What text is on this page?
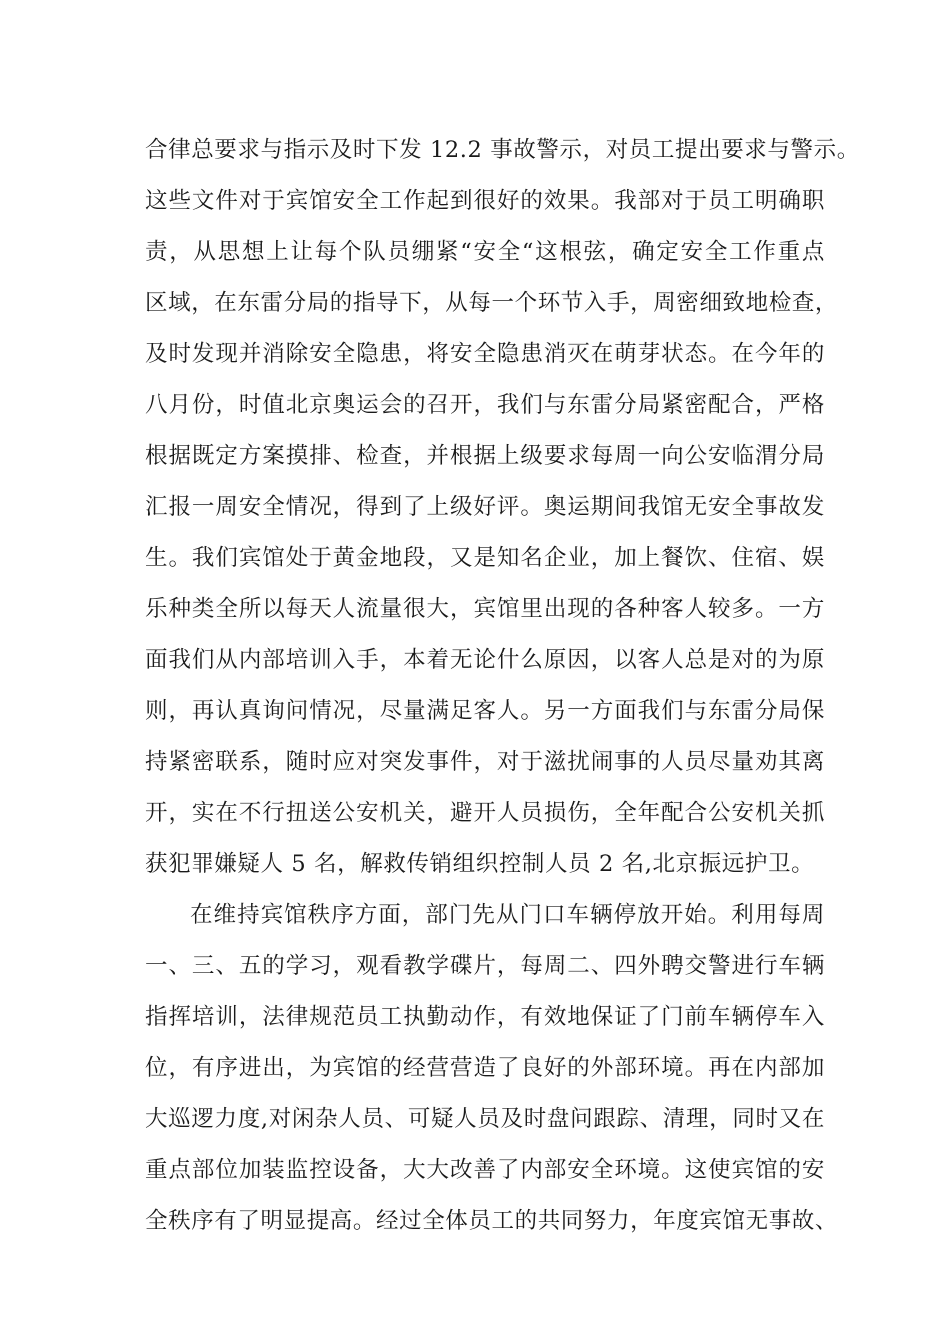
合律总要求与指示及时下发 12.2 事故警示，对员工提出要求与警示。
这些文件对于宾馆安全工作起到很好的效果。我部对于员工明确职
责，从思想上让每个队员绷紧“安全“这根弦，确定安全工作重点
区域，在东雷分局的指导下，从每一个环节入手，周密细致地检查，
及时发现并消除安全隐患，将安全隐患消灭在萌芽状态。在今年的
八月份，时值北京奥运会的召开，我们与东雷分局紧密配合，严格
根据既定方案摸排、检查，并根据上级要求每周一向公安临渭分局
汇报一周安全情况，得到了上级好评。奥运期间我馆无安全事故发
生。我们宾馆处于黄金地段，又是知名企业，加上餐饮、住宿、娱
乐种类全所以每天人流量很大，宾馆里出现的各种客人较多。一方
面我们从内部培训入手，本着无论什么原因，以客人总是对的为原
则，再认真询问情况，尽量满足客人。另一方面我们与东雷分局保
持紧密联系，随时应对突发事件，对于滋扰闹事的人员尽量劝其离
开，实在不行扭送公安机关，避开人员损伤，全年配合公安机关抓
获犯罪嫌疑人 5 名，解救传销组织控制人员 2 名,北京振远护卫。
在维持宾馆秩序方面，部门先从门口车辆停放开始。利用每周
一、三、五的学习，观看教学碟片，每周二、四外聘交警进行车辆
指挥培训，法律规范员工执勤动作，有效地保证了门前车辆停车入
位，有序进出，为宾馆的经营营造了良好的外部环境。再在内部加
大巡逻力度,对闲杂人员、可疑人员及时盘问跟踪、清理，同时又在
重点部位加装监控设备，大大改善了内部安全环境。这使宾馆的安
全秩序有了明显提高。经过全体员工的共同努力，年度宾馆无事故、
